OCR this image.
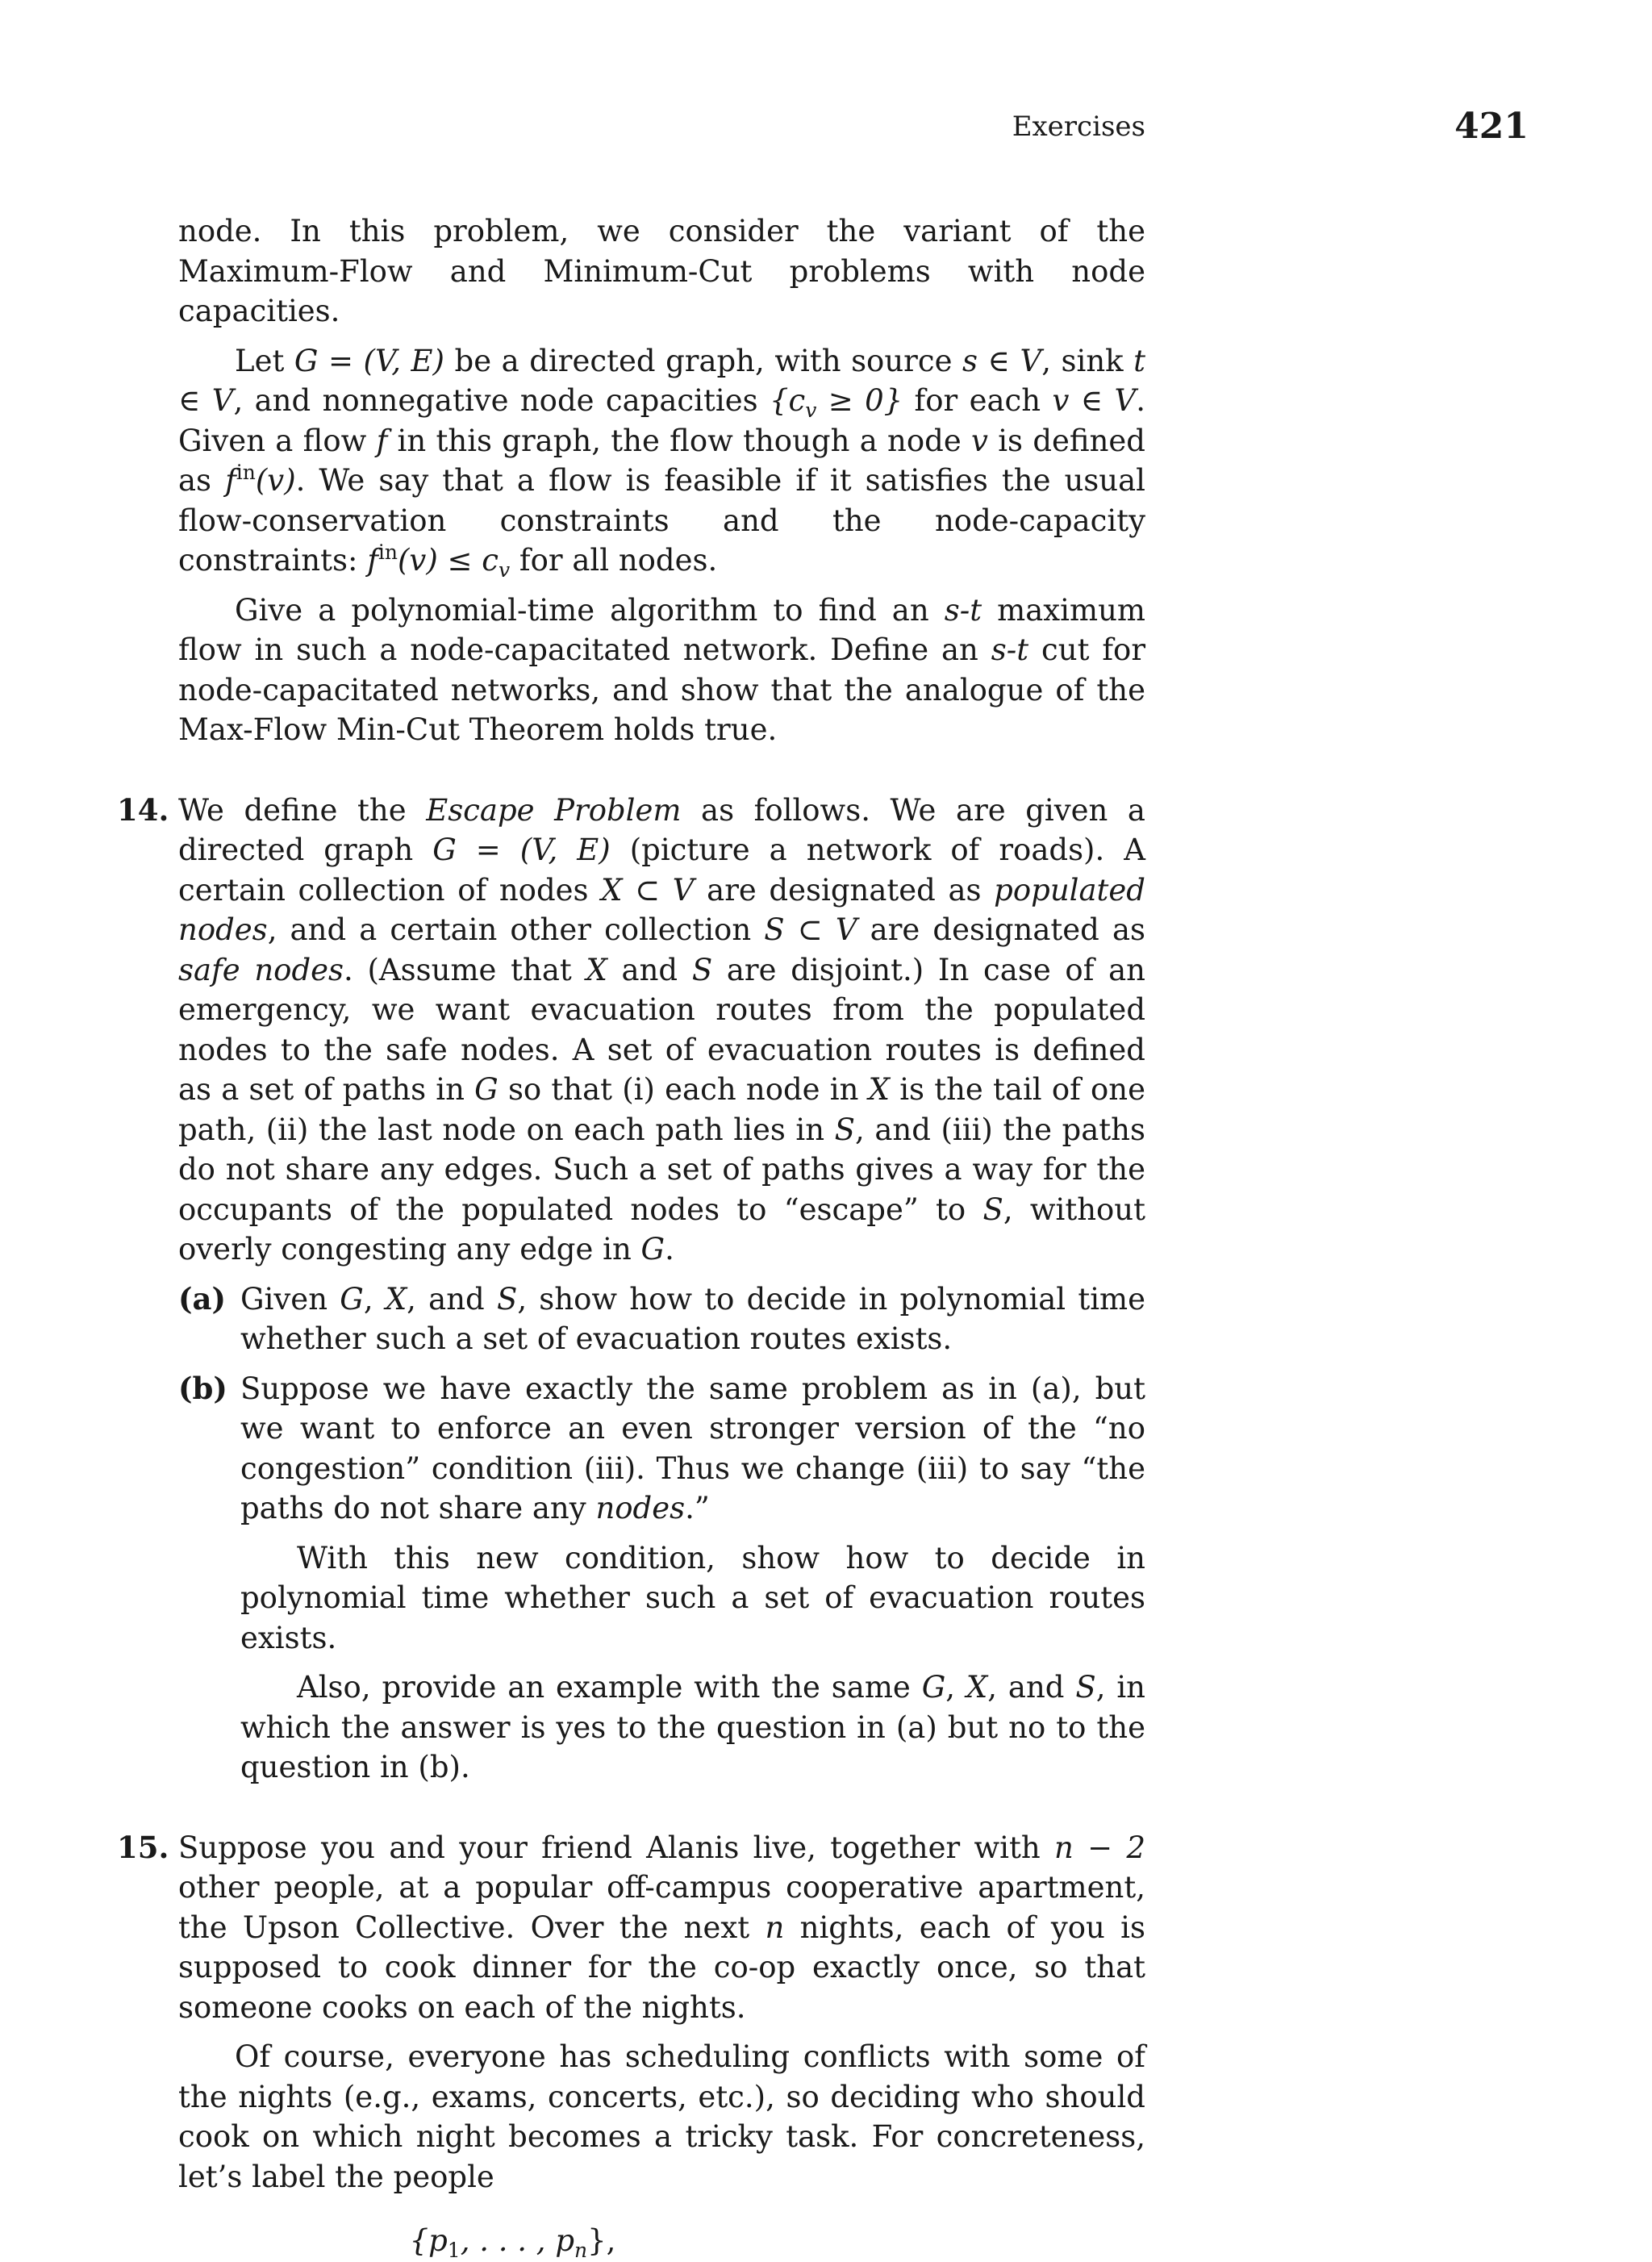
Exercises	421

node. In this problem, we consider the variant of the Maximum-Flow and Minimum-Cut problems with node capacities.

Let G = (V, E) be a directed graph, with source s ∈ V, sink t ∈ V, and nonnegative node capacities $\{c_v \ge 0\}$ for each v ∈ V. Given a flow f in this graph, the flow though a node v is defined as $f^{in}(v)$. We say that a flow is feasible if it satisfies the usual flow-conservation constraints and the node-capacity constraints: $f^{in}(v) \le c_v$ for all nodes.

Give a polynomial-time algorithm to find an s-t maximum flow in such a node-capacitated network. Define an s-t cut for node-capacitated networks, and show that the analogue of the Max-Flow Min-Cut Theorem holds true.

14. We define the Escape Problem as follows. We are given a directed graph G = (V, E) (picture a network of roads). A certain collection of nodes X ⊂ V are designated as populated nodes, and a certain other collection S ⊂ V are designated as safe nodes. (Assume that X and S are disjoint.) In case of an emergency, we want evacuation routes from the populated nodes to the safe nodes. A set of evacuation routes is defined as a set of paths in G so that (i) each node in X is the tail of one path, (ii) the last node on each path lies in S, and (iii) the paths do not share any edges. Such a set of paths gives a way for the occupants of the populated nodes to “escape” to S, without overly congesting any edge in G.

(a) Given G, X, and S, show how to decide in polynomial time whether such a set of evacuation routes exists.

(b) Suppose we have exactly the same problem as in (a), but we want to enforce an even stronger version of the “no congestion” condition (iii). Thus we change (iii) to say “the paths do not share any nodes.”

With this new condition, show how to decide in polynomial time whether such a set of evacuation routes exists.

Also, provide an example with the same G, X, and S, in which the answer is yes to the question in (a) but no to the question in (b).

15. Suppose you and your friend Alanis live, together with n − 2 other people, at a popular off-campus cooperative apartment, the Upson Collective. Over the next n nights, each of you is supposed to cook dinner for the co-op exactly once, so that someone cooks on each of the nights.

Of course, everyone has scheduling conflicts with some of the nights (e.g., exams, concerts, etc.), so deciding who should cook on which night becomes a tricky task. For concreteness, let’s label the people

{$p_1$, . . . , $p_n$},
